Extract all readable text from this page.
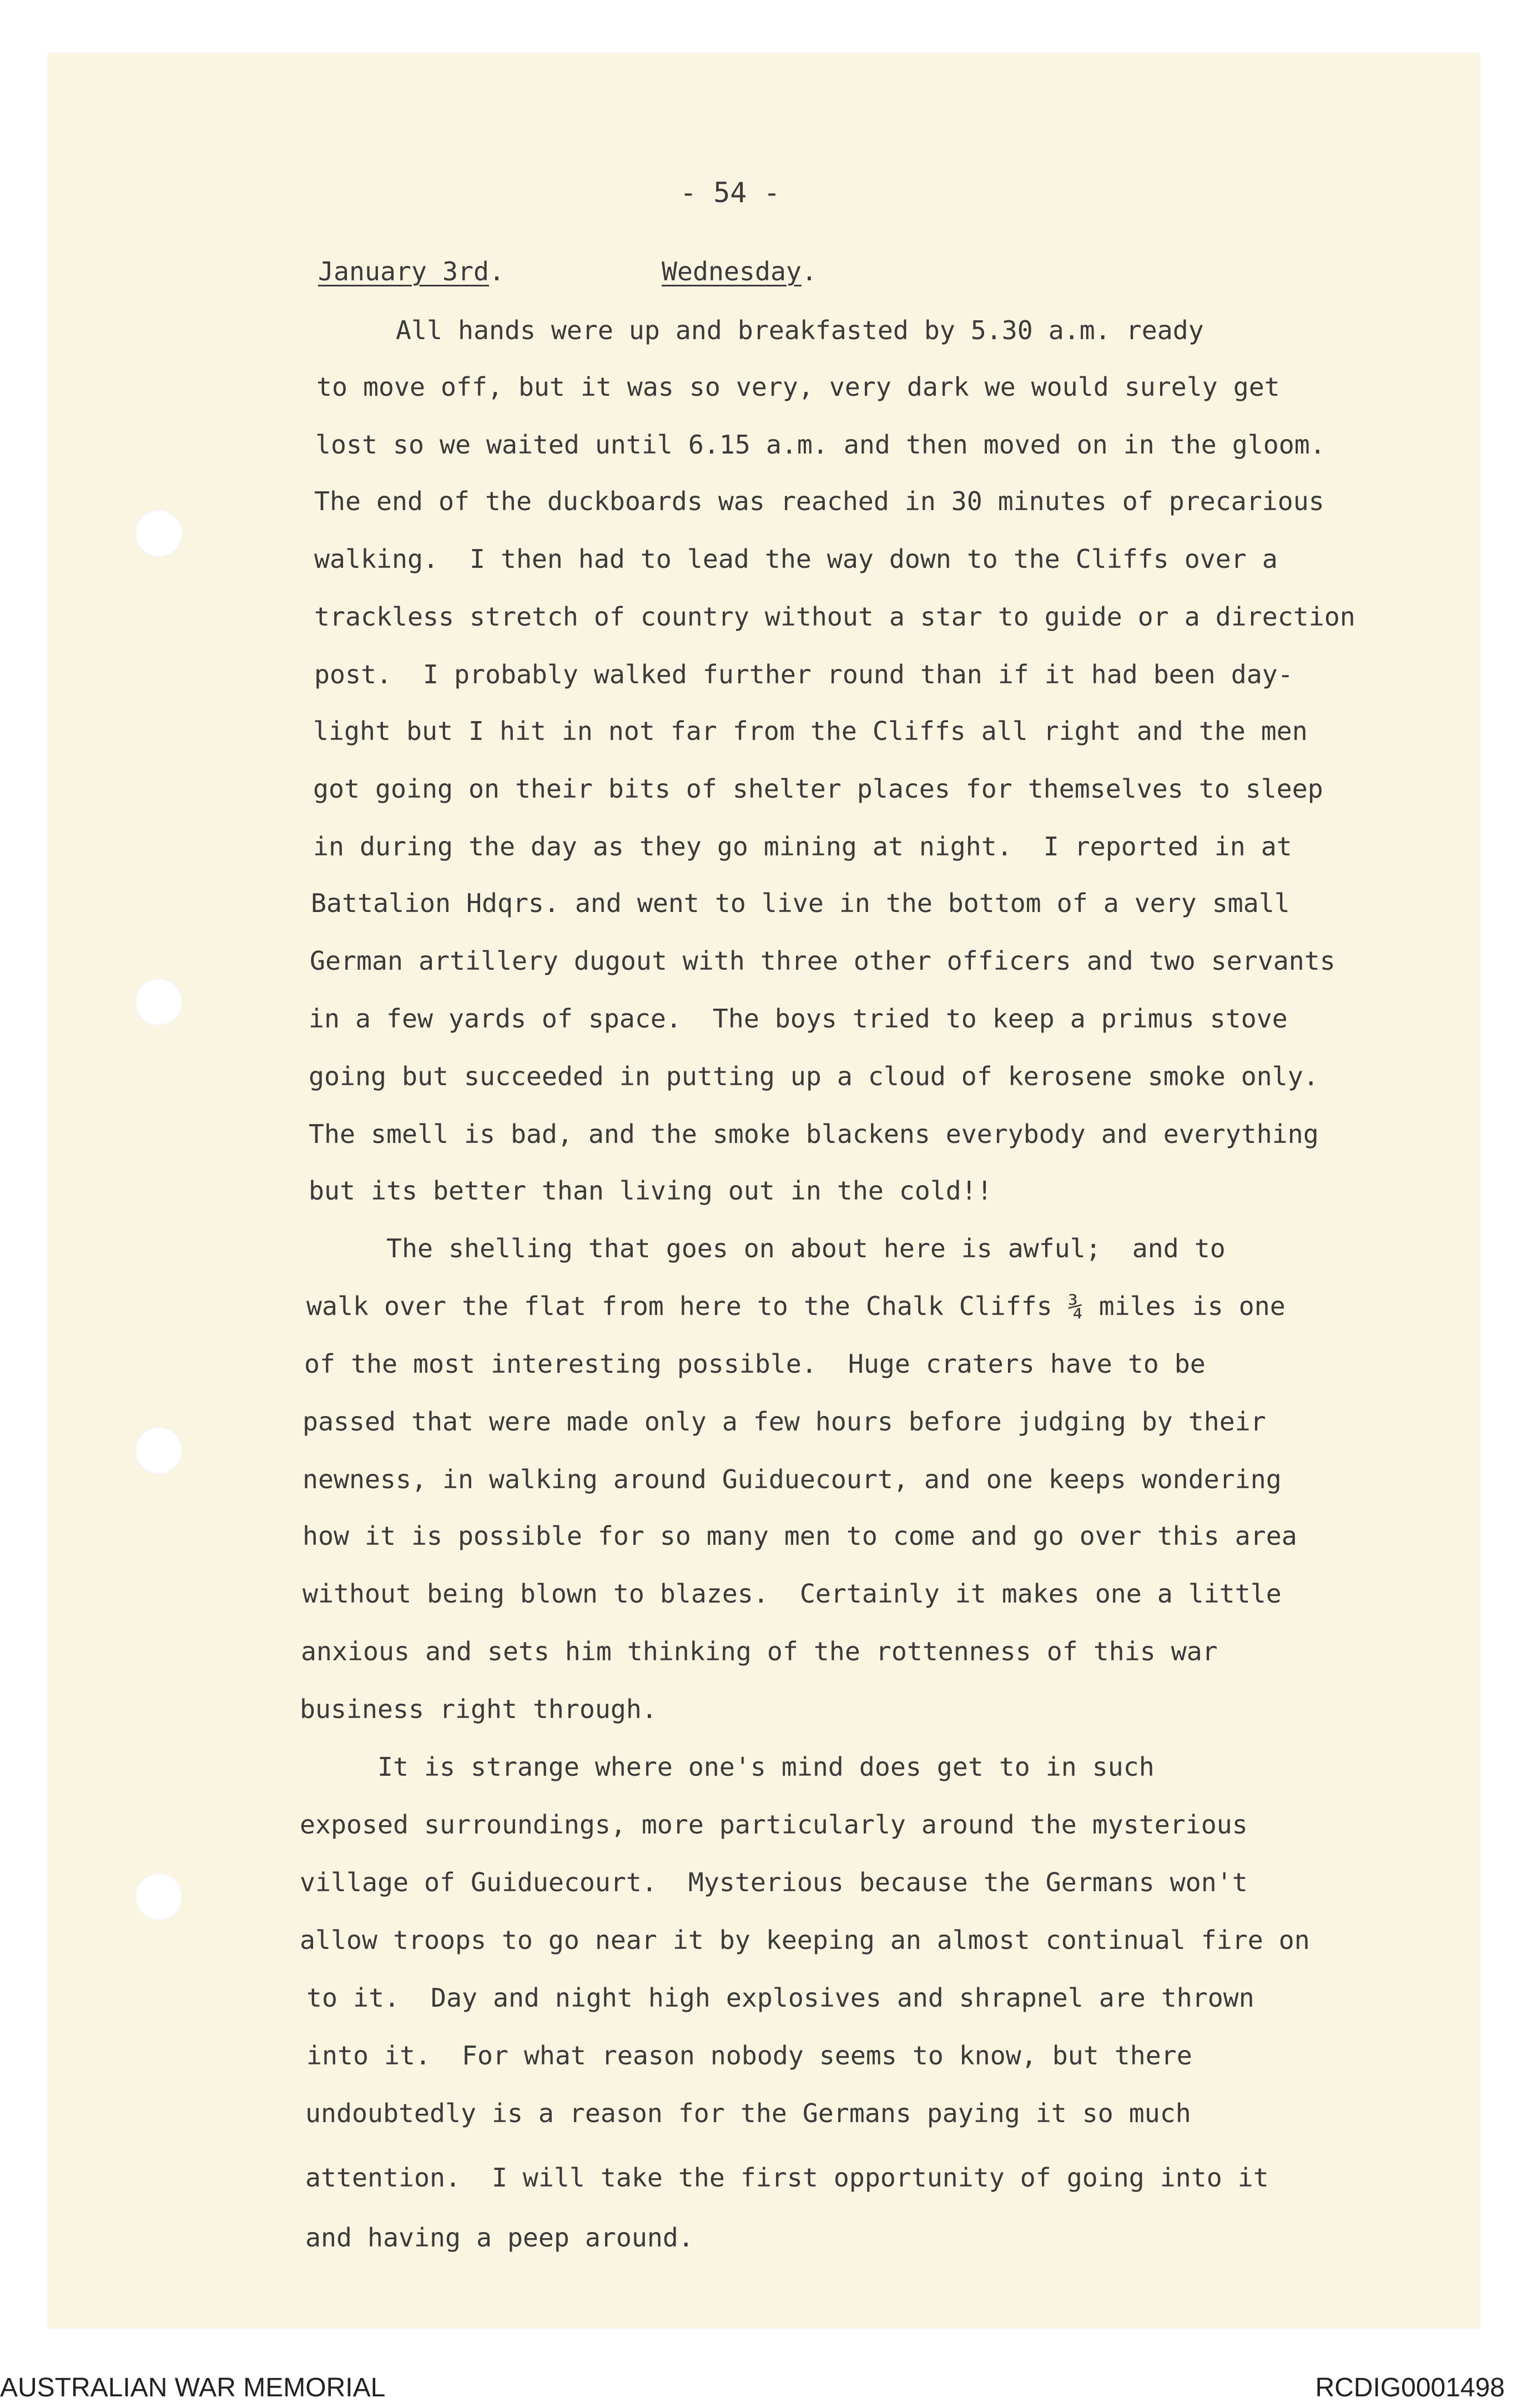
- 54 -
January 3rd.	Wednesday.
All hands were up and breakfasted by 5.30 a.m. ready
to move off, but it was so very, very dark we would surely get
lost so we waited until 6.15 a.m. and then moved on in the gloom.
The end of the duckboards was reached in 30 minutes of precarious
walking.  I then had to lead the way down to the Cliffs over a
trackless stretch of country without a star to guide or a direction
post.  I probably walked further round than if it had been day-
light but I hit in not far from the Cliffs all right and the men
got going on their bits of shelter places for themselves to sleep
in during the day as they go mining at night.  I reported in at
Battalion Hdqrs. and went to live in the bottom of a very small
German artillery dugout with three other officers and two servants
in a few yards of space.  The boys tried to keep a primus stove
going but succeeded in putting up a cloud of kerosene smoke only.
The smell is bad, and the smoke blackens everybody and everything
but its better than living out in the cold!!
The shelling that goes on about here is awful;  and to
walk over the flat from here to the Chalk Cliffs ¾ miles is one
of the most interesting possible.  Huge craters have to be
passed that were made only a few hours before judging by their
newness, in walking around Guiduecourt, and one keeps wondering
how it is possible for so many men to come and go over this area
without being blown to blazes.  Certainly it makes one a little
anxious and sets him thinking of the rottenness of this war
business right through.
It is strange where one's mind does get to in such
exposed surroundings, more particularly around the mysterious
village of Guiduecourt.  Mysterious because the Germans won't
allow troops to go near it by keeping an almost continual fire on
to it.  Day and night high explosives and shrapnel are thrown
into it.  For what reason nobody seems to know, but there
undoubtedly is a reason for the Germans paying it so much
attention.  I will take the first opportunity of going into it
and having a peep around.
AUSTRALIAN WAR MEMORIAL	RCDIG0001498
